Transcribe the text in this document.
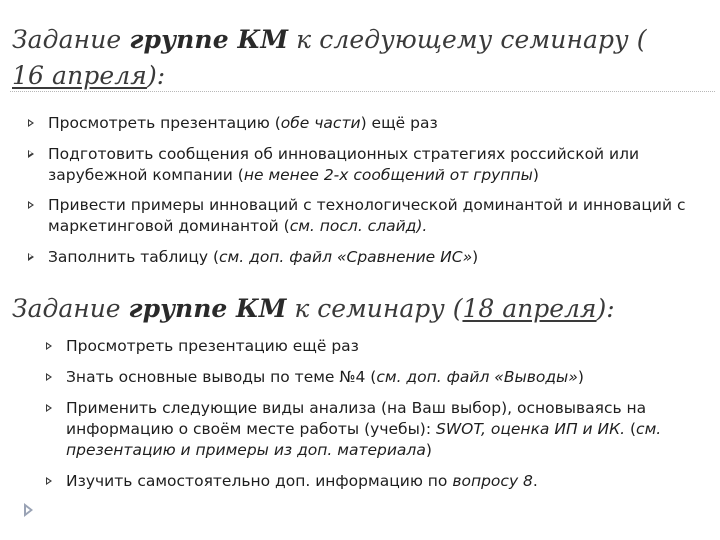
Задание группе КМ к следующему семинару (
16 апреля):
Просмотреть презентацию (обе части) ещё раз
Подготовить сообщения об инновационных стратегиях российской или зарубежной компании (не менее 2-х сообщений от группы)
Привести примеры инноваций с технологической доминантой и инноваций с маркетинговой доминантой (см. посл. слайд).
Заполнить таблицу (см. доп. файл «Сравнение ИС»)
Задание группе КМ к семинару (18 апреля):
Просмотреть презентацию ещё раз
Знать основные выводы по теме №4 (см. доп. файл «Выводы»)
Применить следующие виды анализа (на Ваш выбор), основываясь на информацию о своём месте работы (учебы): SWOT, оценка ИП и ИК. (см. презентацию и примеры из доп. материала)
Изучить самостоятельно доп. информацию по вопросу 8.
